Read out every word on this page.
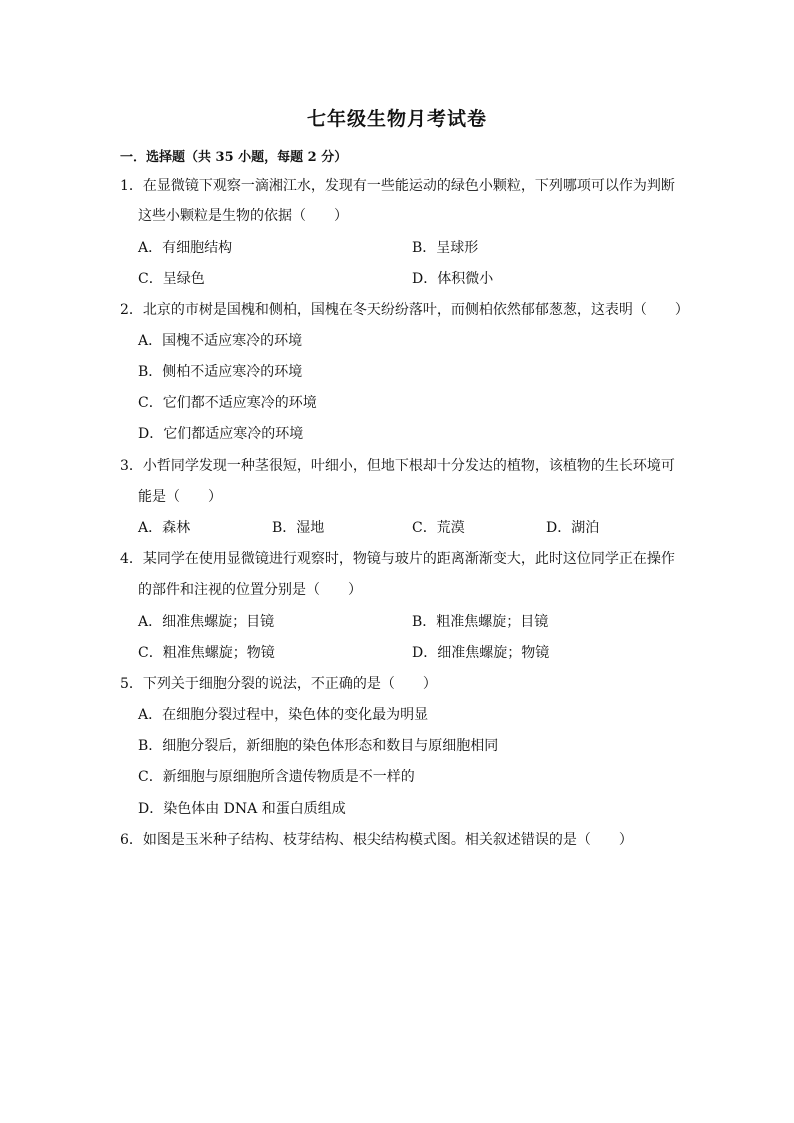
七年级生物月考试卷
一．选择题（共 35 小题，每题 2 分）
1．在显微镜下观察一滴湘江水，发现有一些能运动的绿色小颗粒，下列哪项可以作为判断
这些小颗粒是生物的依据（　　）
A．有细胞结构	B．呈球形
C．呈绿色	D．体积微小
2．北京的市树是国槐和侧柏，国槐在冬天纷纷落叶，而侧柏依然郁郁葱葱，这表明（　　）
A．国槐不适应寒冷的环境
B．侧柏不适应寒冷的环境
C．它们都不适应寒冷的环境
D．它们都适应寒冷的环境
3．小哲同学发现一种茎很短，叶细小，但地下根却十分发达的植物，该植物的生长环境可
能是（　　）
A．森林	B．湿地	C．荒漠	D．湖泊
4．某同学在使用显微镜进行观察时，物镜与玻片的距离渐渐变大，此时这位同学正在操作
的部件和注视的位置分别是（　　）
A．细准焦螺旋；目镜	B．粗准焦螺旋；目镜
C．粗准焦螺旋；物镜	D．细准焦螺旋；物镜
5．下列关于细胞分裂的说法，不正确的是（　　）
A．在细胞分裂过程中，染色体的变化最为明显
B．细胞分裂后，新细胞的染色体形态和数目与原细胞相同
C．新细胞与原细胞所含遗传物质是不一样的
D．染色体由 DNA 和蛋白质组成
6．如图是玉米种子结构、枝芽结构、根尖结构模式图。相关叙述错误的是（　　）
